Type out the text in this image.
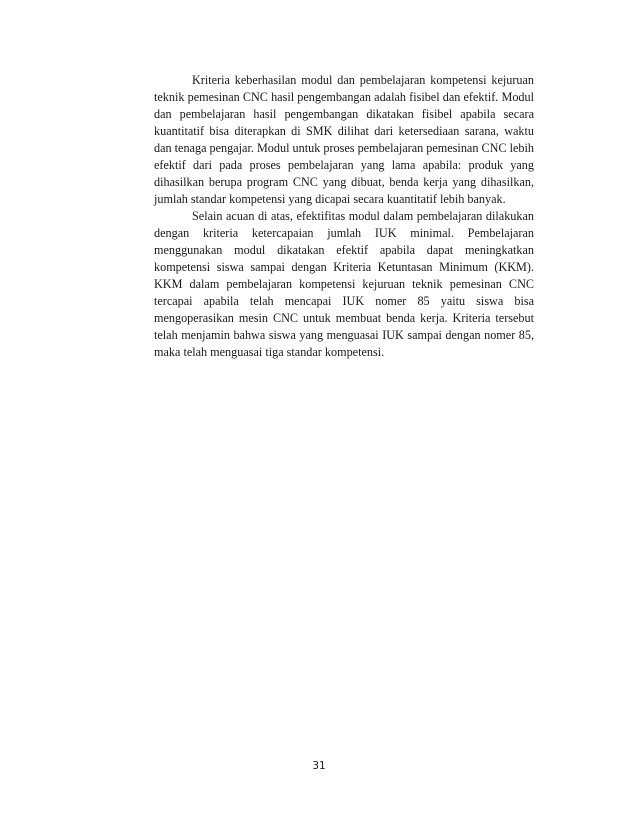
Kriteria keberhasilan modul dan pembelajaran kompetensi kejuruan teknik pemesinan CNC hasil pengembangan adalah fisibel dan efektif. Modul dan pembelajaran hasil pengembangan dikatakan fisibel apabila secara kuantitatif bisa diterapkan di SMK dilihat dari ketersediaan sarana, waktu dan tenaga pengajar. Modul untuk proses pembelajaran pemesinan CNC lebih efektif dari pada proses pembelajaran yang lama apabila: produk yang dihasilkan berupa program CNC yang dibuat, benda kerja yang dihasilkan, jumlah standar kompetensi yang dicapai secara kuantitatif lebih banyak.

Selain acuan di atas, efektifitas modul dalam pembelajaran dilakukan dengan kriteria ketercapaian jumlah IUK minimal. Pembelajaran menggunakan modul dikatakan efektif apabila dapat meningkatkan kompetensi siswa sampai dengan Kriteria Ketuntasan Minimum (KKM). KKM dalam pembelajaran kompetensi kejuruan teknik pemesinan CNC tercapai apabila telah mencapai IUK nomer 85 yaitu siswa bisa mengoperasikan mesin CNC untuk membuat benda kerja. Kriteria tersebut telah menjamin bahwa siswa yang menguasai IUK sampai dengan nomer 85, maka telah menguasai tiga standar kompetensi.

31
